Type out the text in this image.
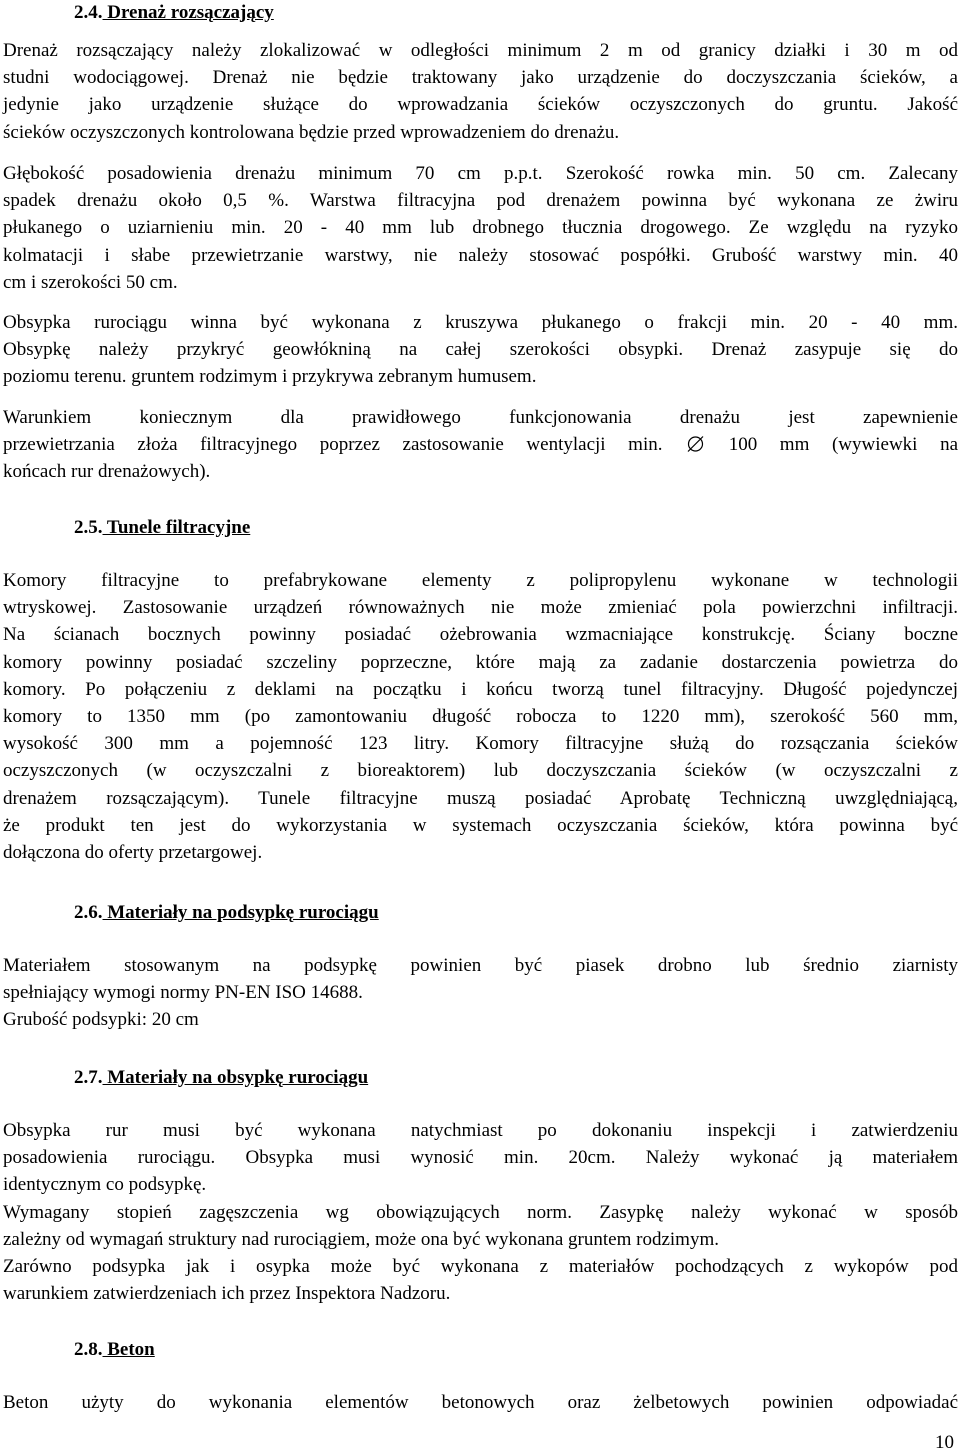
2.4. Drenaż rozsączający
Drenaż rozsączający należy zlokalizować w odległości minimum 2 m od granicy działki i 30 m od
studni wodociągowej. Drenaż nie będzie traktowany jako urządzenie do doczyszczania ścieków, a
jedynie jako urządzenie służące do wprowadzania ścieków oczyszczonych do gruntu. Jakość
ścieków oczyszczonych kontrolowana będzie przed wprowadzeniem do drenażu.
Głębokość posadowienia drenażu minimum 70 cm p.p.t. Szerokość rowka min. 50 cm. Zalecany
spadek drenażu około 0,5 %. Warstwa filtracyjna pod drenażem powinna być wykonana ze żwiru
płukanego o uziarnieniu min. 20 - 40 mm lub drobnego tłucznia drogowego. Ze względu na ryzyko
kolmatacji i słabe przewietrzanie warstwy, nie należy stosować pospółki. Grubość warstwy min. 40
cm i szerokości 50 cm.
Obsypka rurociągu winna być wykonana z kruszywa płukanego o frakcji min. 20 - 40 mm.
Obsypkę należy przykryć geowłókniną na całej szerokości obsypki. Drenaż zasypuje się do
poziomu terenu. gruntem rodzimym i przykrywa zebranym humusem.
Warunkiem koniecznym dla prawidłowego funkcjonowania drenażu jest zapewnienie
przewietrzania złoża filtracyjnego poprzez zastosowanie wentylacji min.	100 mm (wywiewki na
końcach rur drenażowych).
2.5. Tunele filtracyjne
Komory filtracyjne to prefabrykowane elementy z polipropylenu wykonane w technologii
wtryskowej. Zastosowanie urządzeń równoważnych nie może zmieniać pola powierzchni infiltracji.
Na ścianach bocznych powinny posiadać ożebrowania wzmacniające konstrukcję. Ściany boczne
komory powinny posiadać szczeliny poprzeczne, które mają za zadanie dostarczenia powietrza do
komory. Po połączeniu z deklami na początku i końcu tworzą tunel filtracyjny. Długość pojedynczej
komory to 1350 mm (po zamontowaniu długość robocza to 1220 mm), szerokość 560 mm,
wysokość 300 mm a pojemność 123 litry. Komory filtracyjne służą do rozsączania ścieków
oczyszczonych (w oczyszczalni z bioreaktorem) lub doczyszczania ścieków (w oczyszczalni z
drenażem rozsączającym). Tunele filtracyjne muszą posiadać Aprobatę Techniczną uwzględniającą,
że produkt ten jest do wykorzystania w systemach oczyszczania ścieków, która powinna być
dołączona do oferty przetargowej.
2.6. Materiały na podsypkę rurociągu
Materiałem stosowanym na podsypkę powinien być piasek drobno lub średnio ziarnisty
spełniający wymogi normy PN-EN ISO 14688.
Grubość podsypki: 20 cm
2.7. Materiały na obsypkę rurociągu
Obsypka rur musi być wykonana natychmiast po dokonaniu inspekcji i zatwierdzeniu
posadowienia rurociągu. Obsypka musi wynosić min. 20cm. Należy wykonać ją materiałem
identycznym co podsypkę.
Wymagany stopień zagęszczenia wg obowiązujących norm. Zasypkę należy wykonać w sposób
zależny od wymagań struktury nad rurociągiem, może ona być wykonana gruntem rodzimym.
Zarówno podsypka jak i osypka może być wykonana z materiałów pochodzących z wykopów pod
warunkiem zatwierdzeniach ich przez Inspektora Nadzoru.
2.8. Beton
Beton użyty do wykonania elementów betonowych oraz żelbetowych powinien odpowiadać
10
